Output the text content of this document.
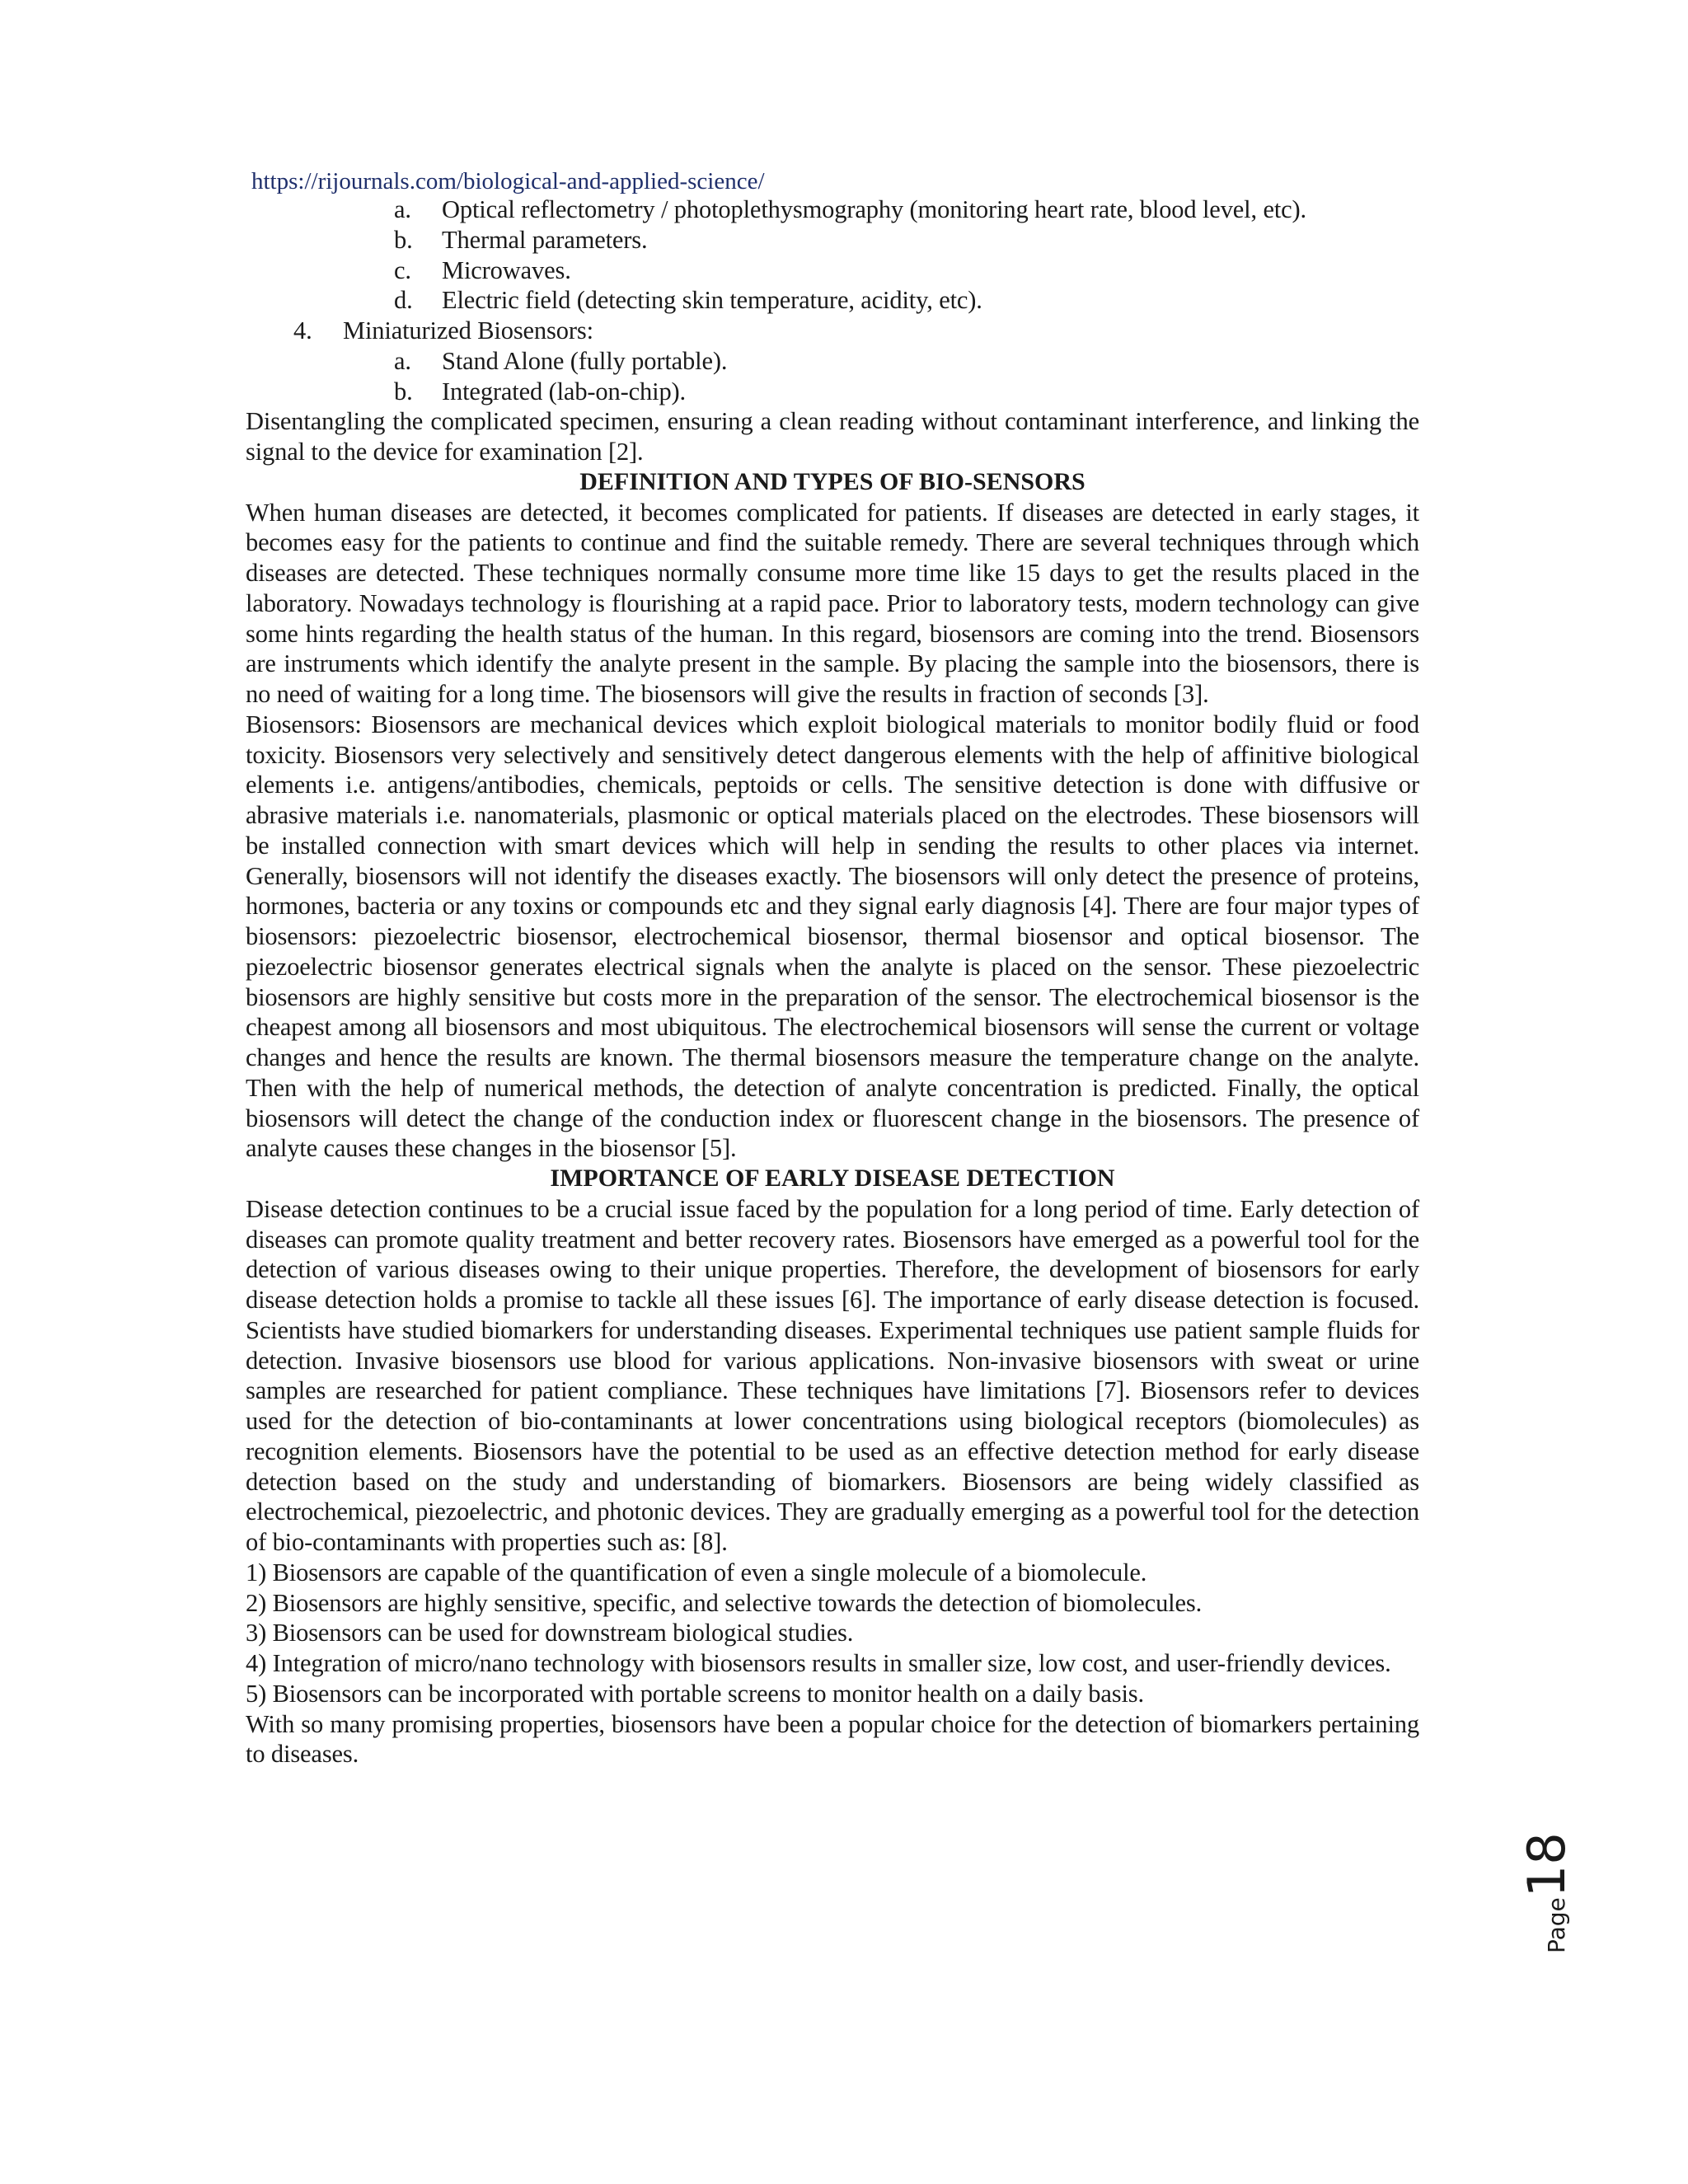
https://rijournals.com/biological-and-applied-science/
a. Optical reflectometry / photoplethysmography (monitoring heart rate, blood level, etc).
b. Thermal parameters.
c. Microwaves.
d. Electric field (detecting skin temperature, acidity, etc).
4. Miniaturized Biosensors:
a. Stand Alone (fully portable).
b. Integrated (lab-on-chip).

Disentangling the complicated specimen, ensuring a clean reading without contaminant interference, and linking the signal to the device for examination [2].

DEFINITION AND TYPES OF BIO-SENSORS

When human diseases are detected, it becomes complicated for patients. If diseases are detected in early stages, it becomes easy for the patients to continue and find the suitable remedy. There are several techniques through which diseases are detected. These techniques normally consume more time like 15 days to get the results placed in the laboratory. Nowadays technology is flourishing at a rapid pace. Prior to laboratory tests, modern technology can give some hints regarding the health status of the human. In this regard, biosensors are coming into the trend. Biosensors are instruments which identify the analyte present in the sample. By placing the sample into the biosensors, there is no need of waiting for a long time. The biosensors will give the results in fraction of seconds [3].

Biosensors: Biosensors are mechanical devices which exploit biological materials to monitor bodily fluid or food toxicity. Biosensors very selectively and sensitively detect dangerous elements with the help of affinitive biological elements i.e. antigens/antibodies, chemicals, peptoids or cells. The sensitive detection is done with diffusive or abrasive materials i.e. nanomaterials, plasmonic or optical materials placed on the electrodes. These biosensors will be installed connection with smart devices which will help in sending the results to other places via internet. Generally, biosensors will not identify the diseases exactly. The biosensors will only detect the presence of proteins, hormones, bacteria or any toxins or compounds etc and they signal early diagnosis [4]. There are four major types of biosensors: piezoelectric biosensor, electrochemical biosensor, thermal biosensor and optical biosensor. The piezoelectric biosensor generates electrical signals when the analyte is placed on the sensor. These piezoelectric biosensors are highly sensitive but costs more in the preparation of the sensor. The electrochemical biosensor is the cheapest among all biosensors and most ubiquitous. The electrochemical biosensors will sense the current or voltage changes and hence the results are known. The thermal biosensors measure the temperature change on the analyte. Then with the help of numerical methods, the detection of analyte concentration is predicted. Finally, the optical biosensors will detect the change of the conduction index or fluorescent change in the biosensors. The presence of analyte causes these changes in the biosensor [5].

IMPORTANCE OF EARLY DISEASE DETECTION

Disease detection continues to be a crucial issue faced by the population for a long period of time. Early detection of diseases can promote quality treatment and better recovery rates. Biosensors have emerged as a powerful tool for the detection of various diseases owing to their unique properties. Therefore, the development of biosensors for early disease detection holds a promise to tackle all these issues [6]. The importance of early disease detection is focused. Scientists have studied biomarkers for understanding diseases. Experimental techniques use patient sample fluids for detection. Invasive biosensors use blood for various applications. Non-invasive biosensors with sweat or urine samples are researched for patient compliance. These techniques have limitations [7]. Biosensors refer to devices used for the detection of bio-contaminants at lower concentrations using biological receptors (biomolecules) as recognition elements. Biosensors have the potential to be used as an effective detection method for early disease detection based on the study and understanding of biomarkers. Biosensors are being widely classified as electrochemical, piezoelectric, and photonic devices. They are gradually emerging as a powerful tool for the detection of bio-contaminants with properties such as: [8].

1) Biosensors are capable of the quantification of even a single molecule of a biomolecule.

2) Biosensors are highly sensitive, specific, and selective towards the detection of biomolecules.

3) Biosensors can be used for downstream biological studies.

4) Integration of micro/nano technology with biosensors results in smaller size, low cost, and user-friendly devices.

5) Biosensors can be incorporated with portable screens to monitor health on a daily basis.

With so many promising properties, biosensors have been a popular choice for the detection of biomarkers pertaining to diseases.

Page18
